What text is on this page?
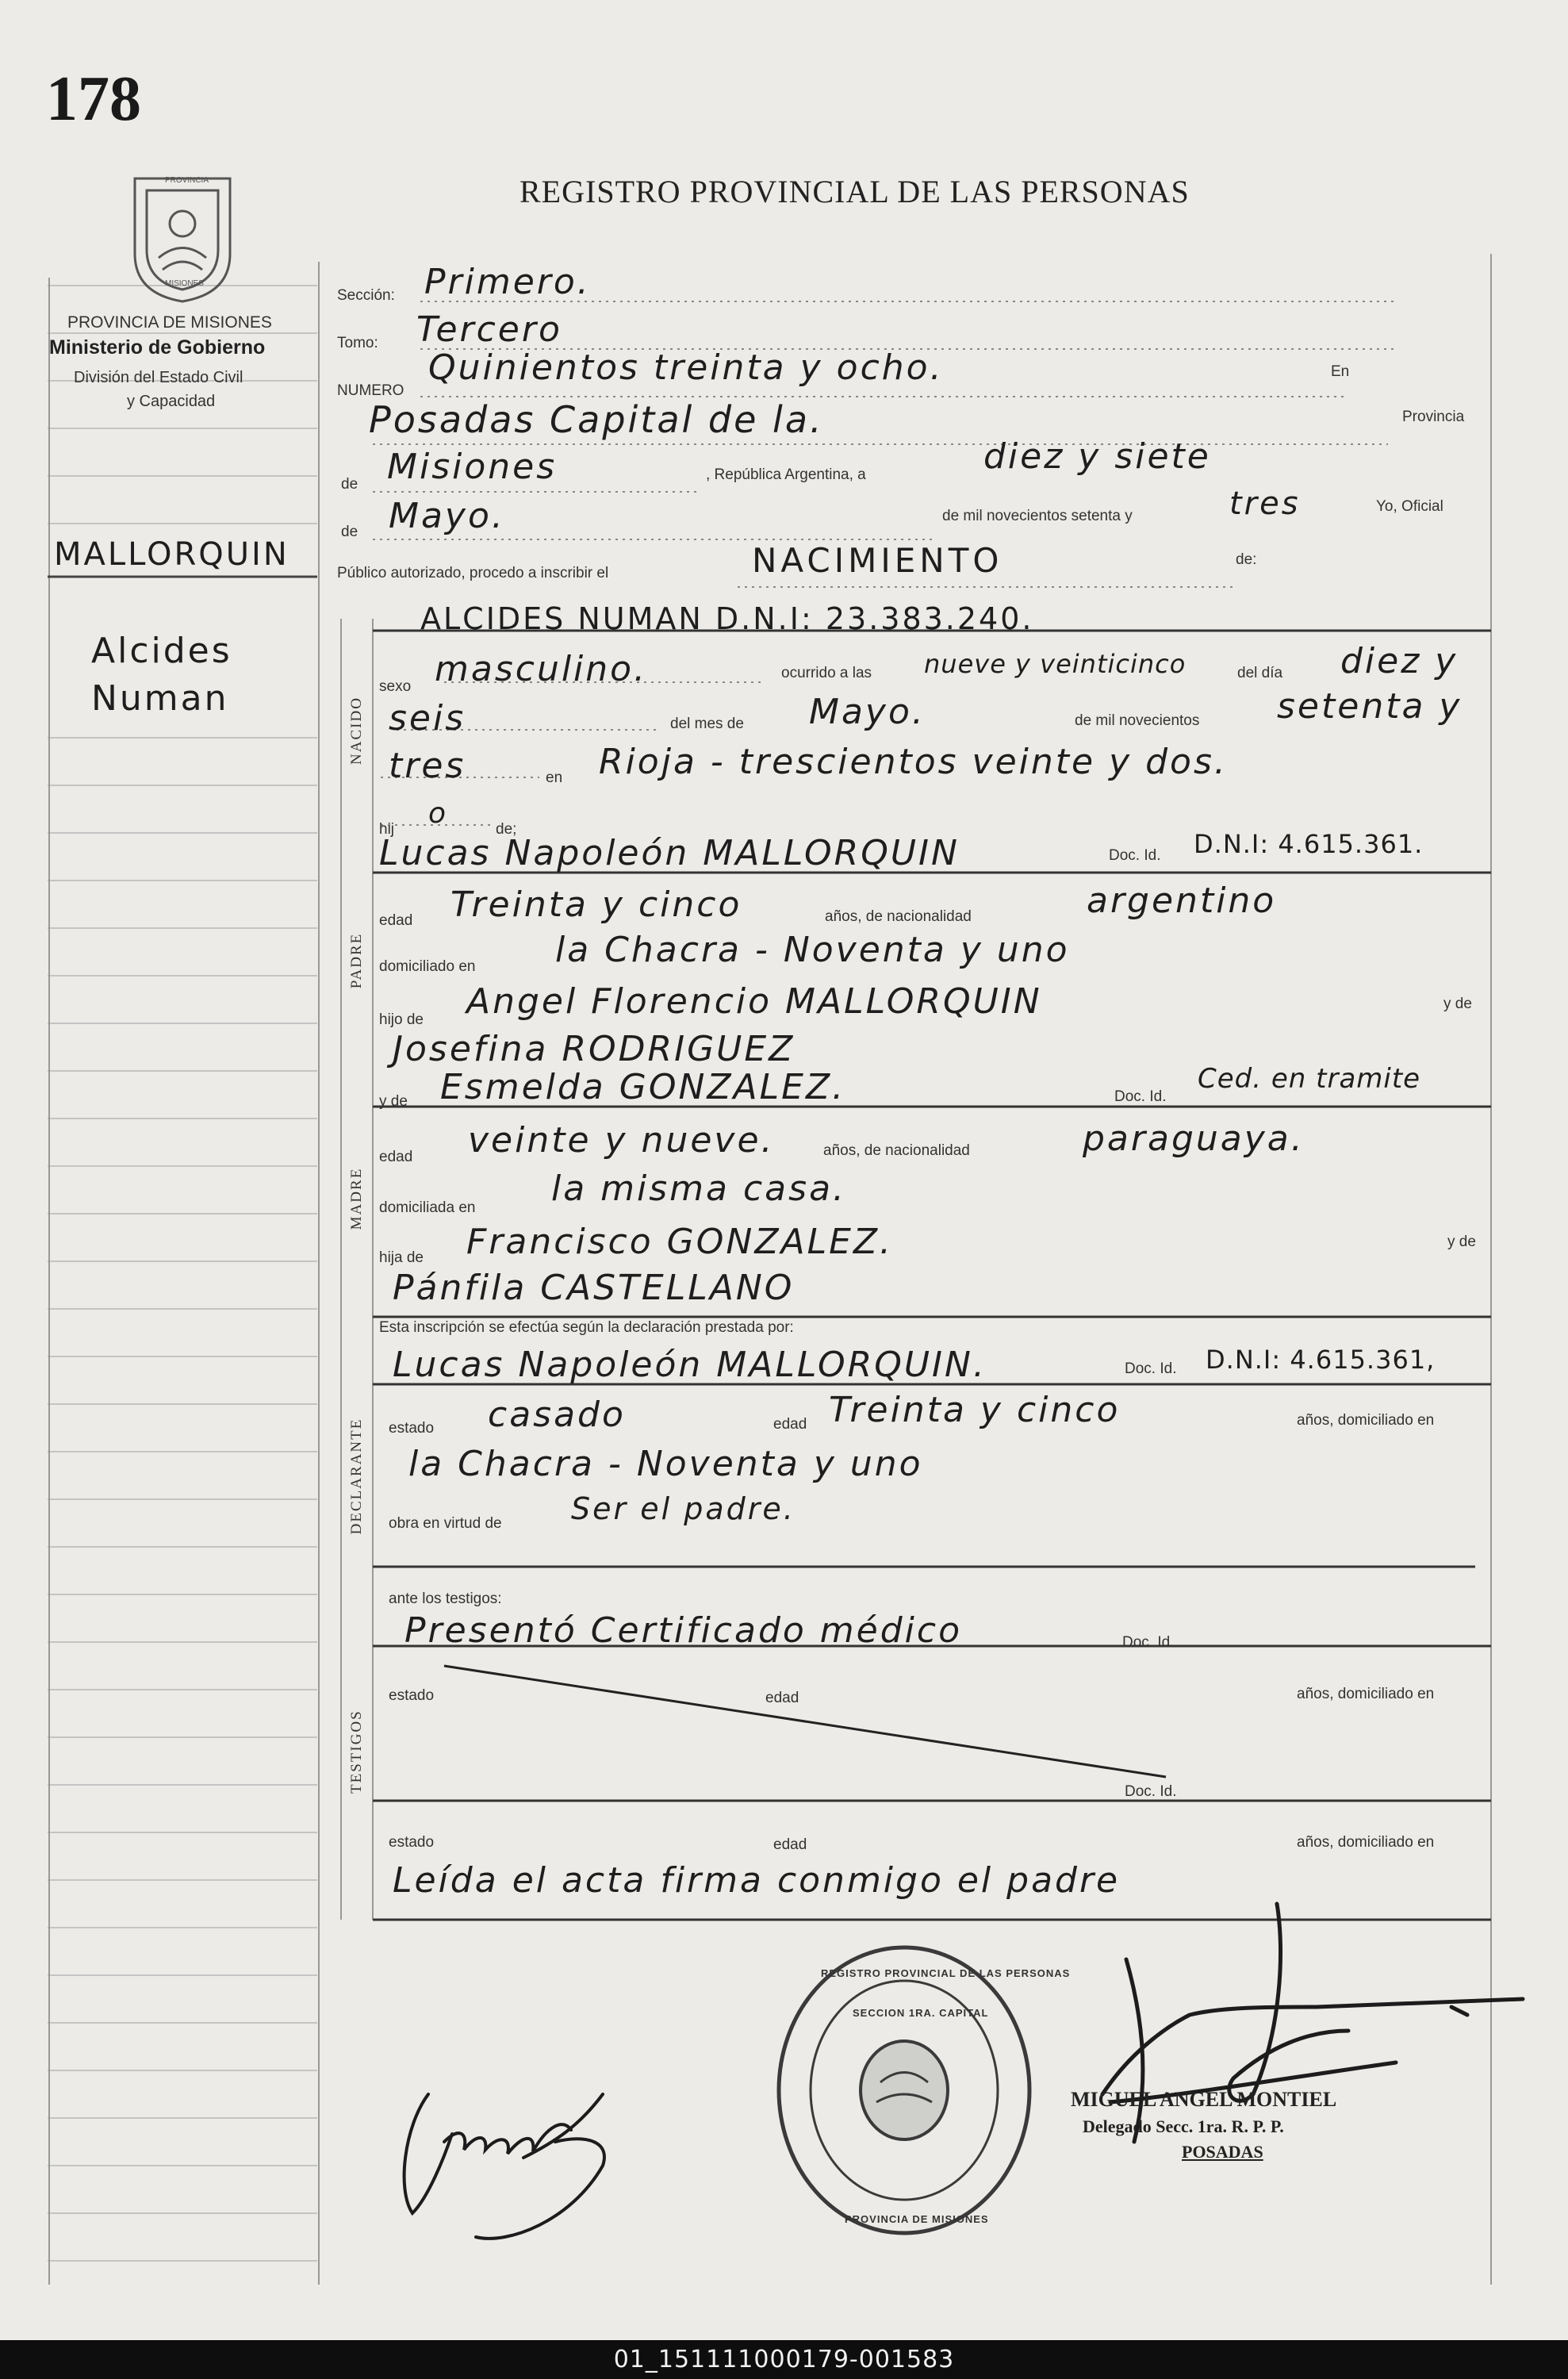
178
REGISTRO PROVINCIAL DE LAS PERSONAS
PROVINCIA
MISIONES
PROVINCIA DE MISIONES
Ministerio de Gobierno
División del Estado Civil
y Capacidad
MALLORQUIN
Alcides
Numan	NACIDO
PADRE
MADRE
DECLARANTE
TESTIGOS
Sección: Primero.
Tomo: Tercero
NUMERO
Quinientos treinta y ocho.	En
Posadas Capital de la.	Provincia
de Misiones	, República Argentina, a	diez y siete
de Mayo.	de mil novecientos setenta y	tres	Yo, Oficial
Público autorizado, procedo a inscribir el	NACIMIENTO	de:
ALCIDES NUMAN D.N.I: 23.383.240.
sexo masculino.	ocurrido a las nueve y veinticinco	del día diez y
seis	del mes de Mayo.	de mil novecientos setenta y
tres	en Rioja - trescientos veinte y dos.
hij o	de;
Lucas Napoleón MALLORQUIN	Doc. Id. D.N.I: 4.615.361.
edad Treinta y cinco	años, de nacionalidad	argentino
domiciliado en la Chacra - Noventa y uno
hijo de Angel Florencio MALLORQUIN	y de
Josefina RODRIGUEZ
y de Esmelda GONZALEZ.	Doc. Id.
Ced. en tramite
edad veinte y nueve.	años, de nacionalidad	paraguaya.
domiciliada en la misma casa.
hija de Francisco GONZALEZ.	y de
Pánfila CASTELLANO
Esta inscripción se efectúa según la declaración prestada por:
Lucas Napoleón MALLORQUIN.	Doc. Id. D.N.I: 4.615.361,
estado casado	edad Treinta y cinco	años, domiciliado en
la Chacra - Noventa y uno
obra en virtud de Ser el padre.
ante los testigos:
Presentó Certificado médico	Doc. Id.
estado	edad	años, domiciliado en
Doc. Id.
estado	edad	años, domiciliado en
Leída el acta firma conmigo el padre
REGISTRO PROVINCIAL DE LAS PERSONAS
SECCION 1RA. CAPITAL
PROVINCIA DE MISIONES
MIGUEL ANGEL MONTIEL
Delegado Secc. 1ra. R. P. P.
POSADAS
01_151111000179-001583
